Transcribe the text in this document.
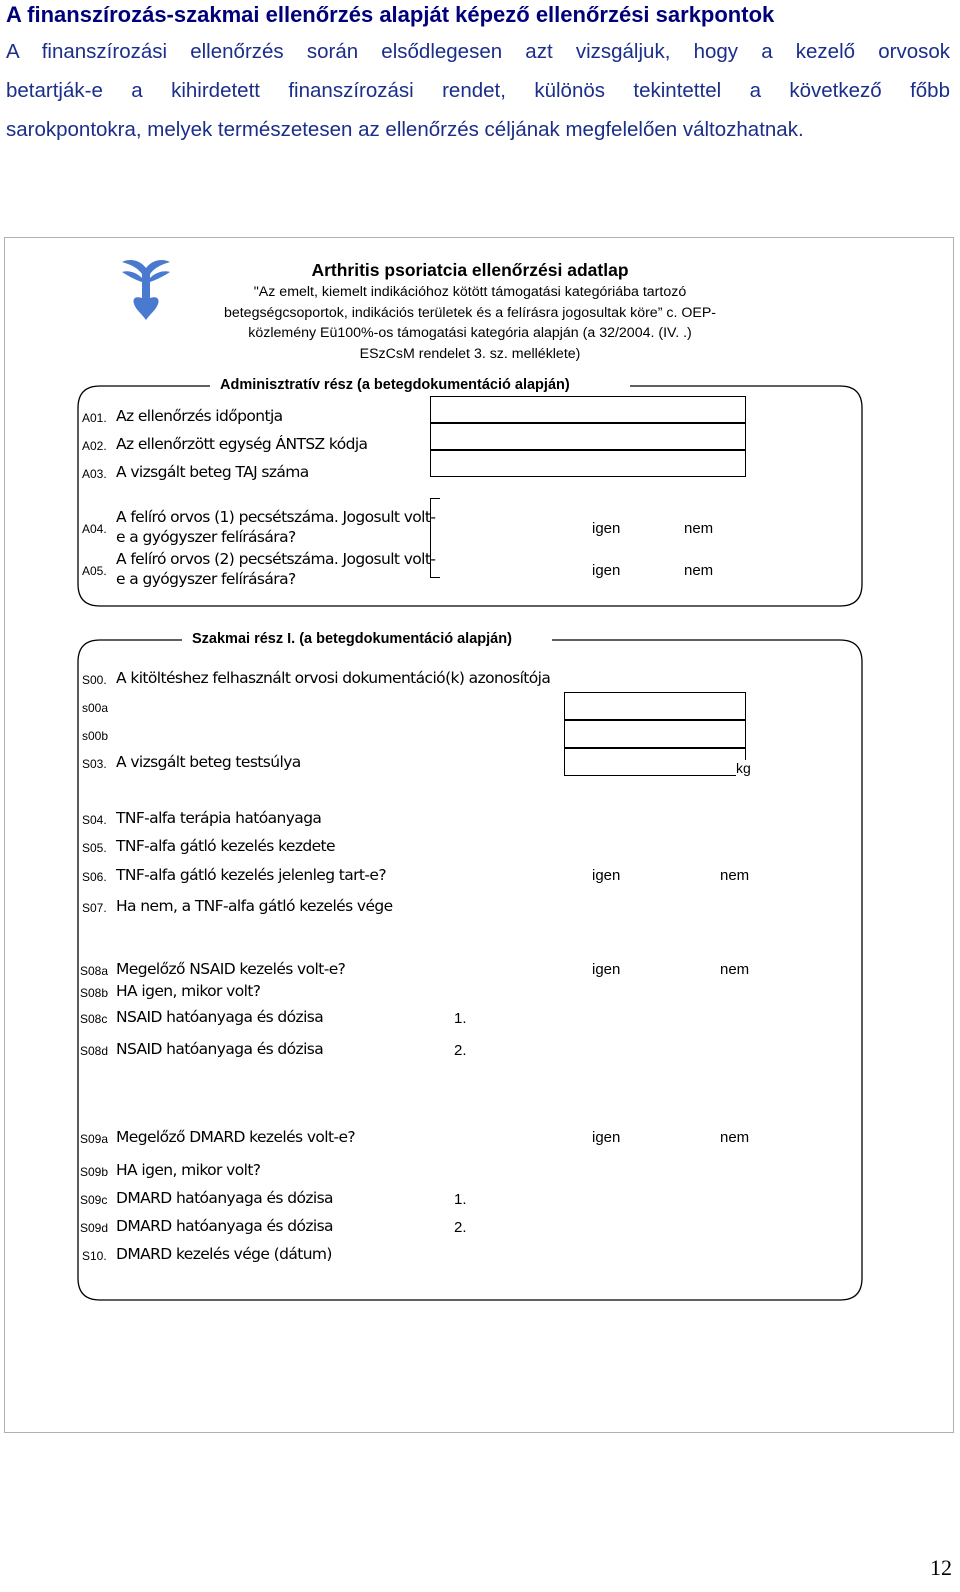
A finanszírozás-szakmai ellenőrzés alapját képező ellenőrzési sarkpontok
A finanszírozási ellenőrzés során elsődlegesen azt vizsgáljuk, hogy a kezelő orvosok
betartják-e a kihirdetett finanszírozási rendet, különös tekintettel a következő főbb
sarokpontokra, melyek természetesen az ellenőrzés céljának megfelelően változhatnak.
Arthritis psoriatcia ellenőrzési adatlap
"Az emelt, kiemelt indikációhoz kötött támogatási kategóriába tartozó
betegségcsoportok, indikációs területek és a felírásra jogosultak köre” c. OEP-
közlemény Eü100%-os támogatási kategória alapján (a 32/2004. (IV. .)
ESzCsM rendelet 3. sz. melléklete)
Adminisztratív rész (a betegdokumentáció alapján)
Szakmai rész I. (a betegdokumentáció alapján)
A01. Az ellenőrzés időpontja
A02. Az ellenőrzött egység ÁNTSZ kódja
A03. A vizsgált beteg TAJ száma
A04.
A felíró orvos (1) pecsétszáma. Jogosult volt-
e a gyógyszer felírására?	igen	nem
A05.
A felíró orvos (2) pecsétszáma. Jogosult volt-
e a gyógyszer felírására?	igen	nem
S00. A kitöltéshez felhasznált orvosi dokumentáció(k) azonosítója
s00a
s00b
S03. A vizsgált beteg testsúlya	kg
S04. TNF-alfa terápia hatóanyaga
S05. TNF-alfa gátló kezelés kezdete
S06. TNF-alfa gátló kezelés jelenleg tart-e?	igen	nem
S07. Ha nem, a TNF-alfa gátló kezelés vége
S08a Megelőző NSAID kezelés volt-e?	igen	nem
S08b HA igen, mikor volt?
S08c NSAID hatóanyaga és dózisa	1.
S08d NSAID hatóanyaga és dózisa	2.
S09a Megelőző DMARD kezelés volt-e?	igen	nem
S09b HA igen, mikor volt?
S09c DMARD hatóanyaga és dózisa	1.
S09d DMARD hatóanyaga és dózisa	2.
S10. DMARD kezelés vége (dátum)
12
